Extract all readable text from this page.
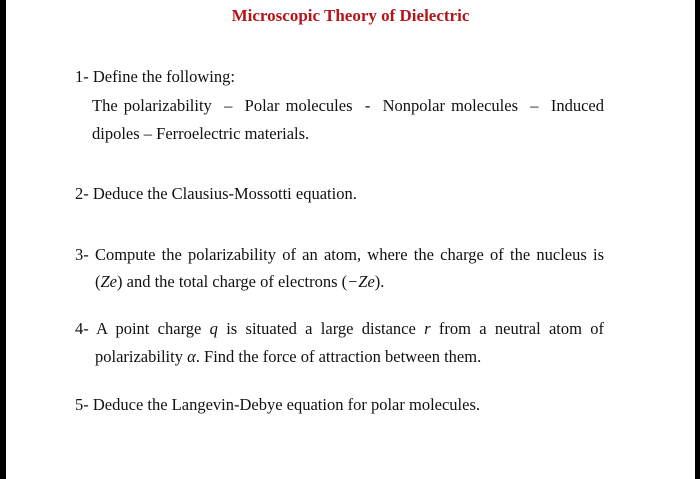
Microscopic Theory of Dielectric
1- Define the following:
The polarizability  –  Polar molecules  -  Nonpolar molecules  –  Induced
dipoles – Ferroelectric materials.
2- Deduce the Clausius-Mossotti equation.
3- Compute the polarizability of an atom, where the charge of the nucleus is
(Ze) and the total charge of electrons (−Ze).
4- A point charge q is situated a large distance r from a neutral atom of
polarizability α. Find the force of attraction between them.
5- Deduce the Langevin-Debye equation for polar molecules.
